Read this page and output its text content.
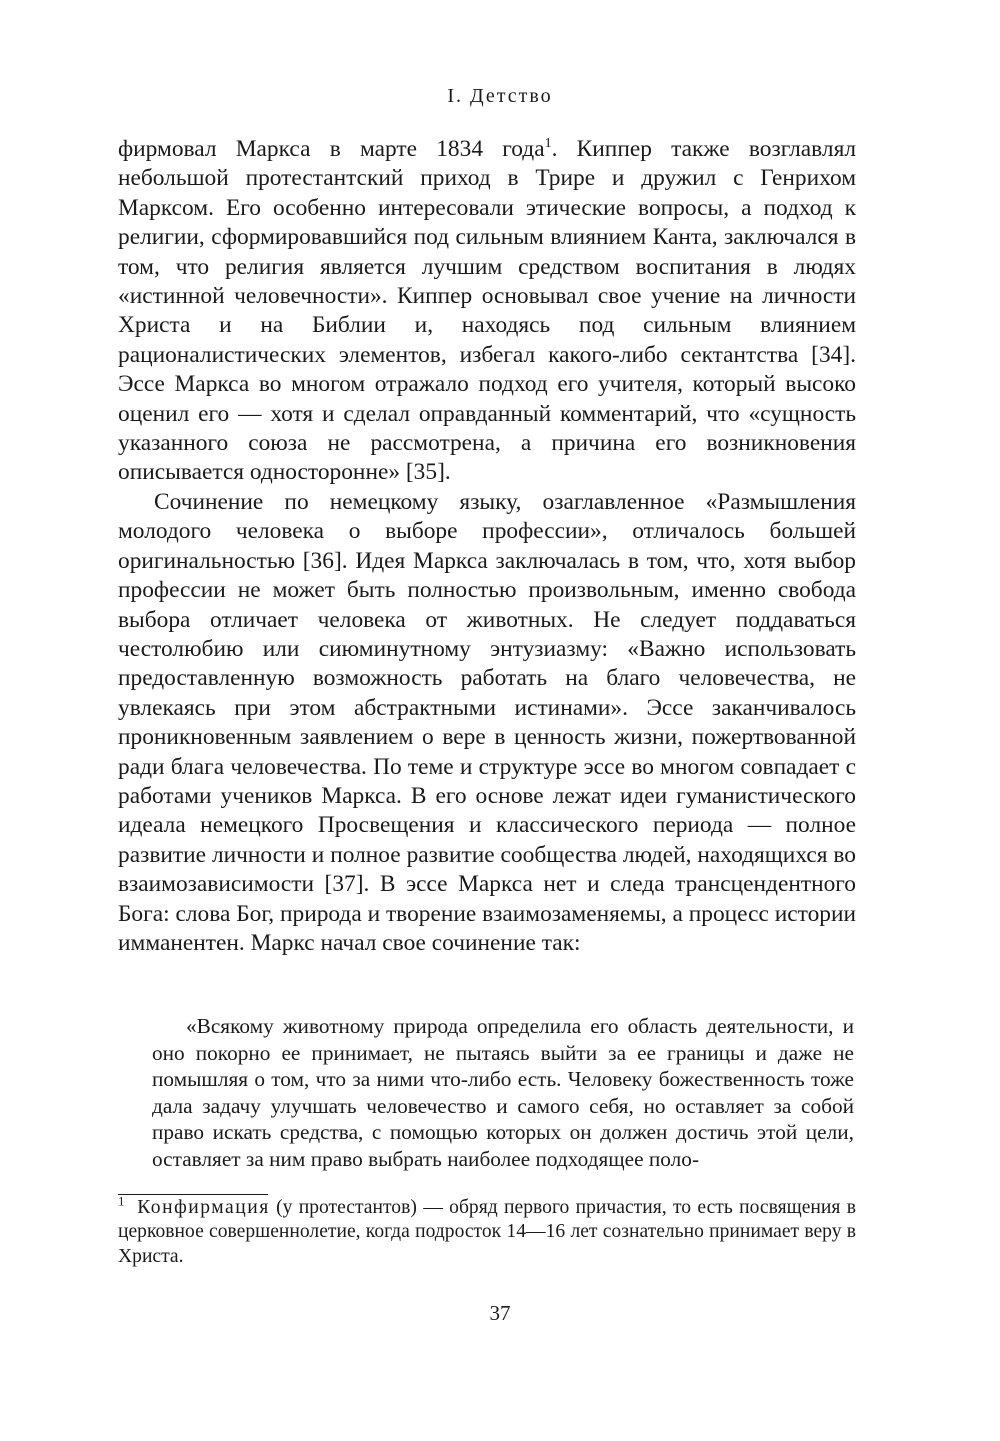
I. Детство

фирмовал Маркса в марте 1834 года$^1$. Киппер также возглавлял небольшой протестантский приход в Трире и дружил с Генрихом Марксом. Его особенно интересовали этические вопросы, а подход к религии, сформировавшийся под сильным влиянием Канта, заключался в том, что религия является лучшим средством воспитания в людях «истинной человечности». Киппер основывал свое учение на личности Христа и на Библии и, находясь под сильным влиянием рационалистических элементов, избегал какого-либо сектантства [34]. Эссе Маркса во многом отражало подход его учителя, который высоко оценил его — хотя и сделал оправданный комментарий, что «сущность указанного союза не рассмотрена, а причина его возникновения описывается односторонне» [35].

Сочинение по немецкому языку, озаглавленное «Размышления молодого человека о выборе профессии», отличалось большей оригинальностью [36]. Идея Маркса заключалась в том, что, хотя выбор профессии не может быть полностью произвольным, именно свобода выбора отличает человека от животных. Не следует поддаваться честолюбию или сиюминутному энтузиазму: «Важно использовать предоставленную возможность работать на благо человечества, не увлекаясь при этом абстрактными истинами». Эссе заканчивалось проникновенным заявлением о вере в ценность жизни, пожертвованной ради блага человечества. По теме и структуре эссе во многом совпадает с работами учеников Маркса. В его основе лежат идеи гуманистического идеала немецкого Просвещения и классического периода — полное развитие личности и полное развитие сообщества людей, находящихся во взаимозависимости [37]. В эссе Маркса нет и следа трансцендентного Бога: слова Бог, природа и творение взаимозаменяемы, а процесс истории имманентен. Маркс начал свое сочинение так:

«Всякому животному природа определила его область деятельности, и оно покорно ее принимает, не пытаясь выйти за ее границы и даже не помышляя о том, что за ними что-либо есть. Человеку божественность тоже дала задачу улучшать человечество и самого себя, но оставляет за собой право искать средства, с помощью которых он должен достичь этой цели, оставляет за ним право выбрать наиболее подходящее поло-

$^1$ Конфирмация (у протестантов) — обряд первого причастия, то есть посвящения в церковное совершеннолетие, когда подросток 14—16 лет сознательно принимает веру в Христа.

37
